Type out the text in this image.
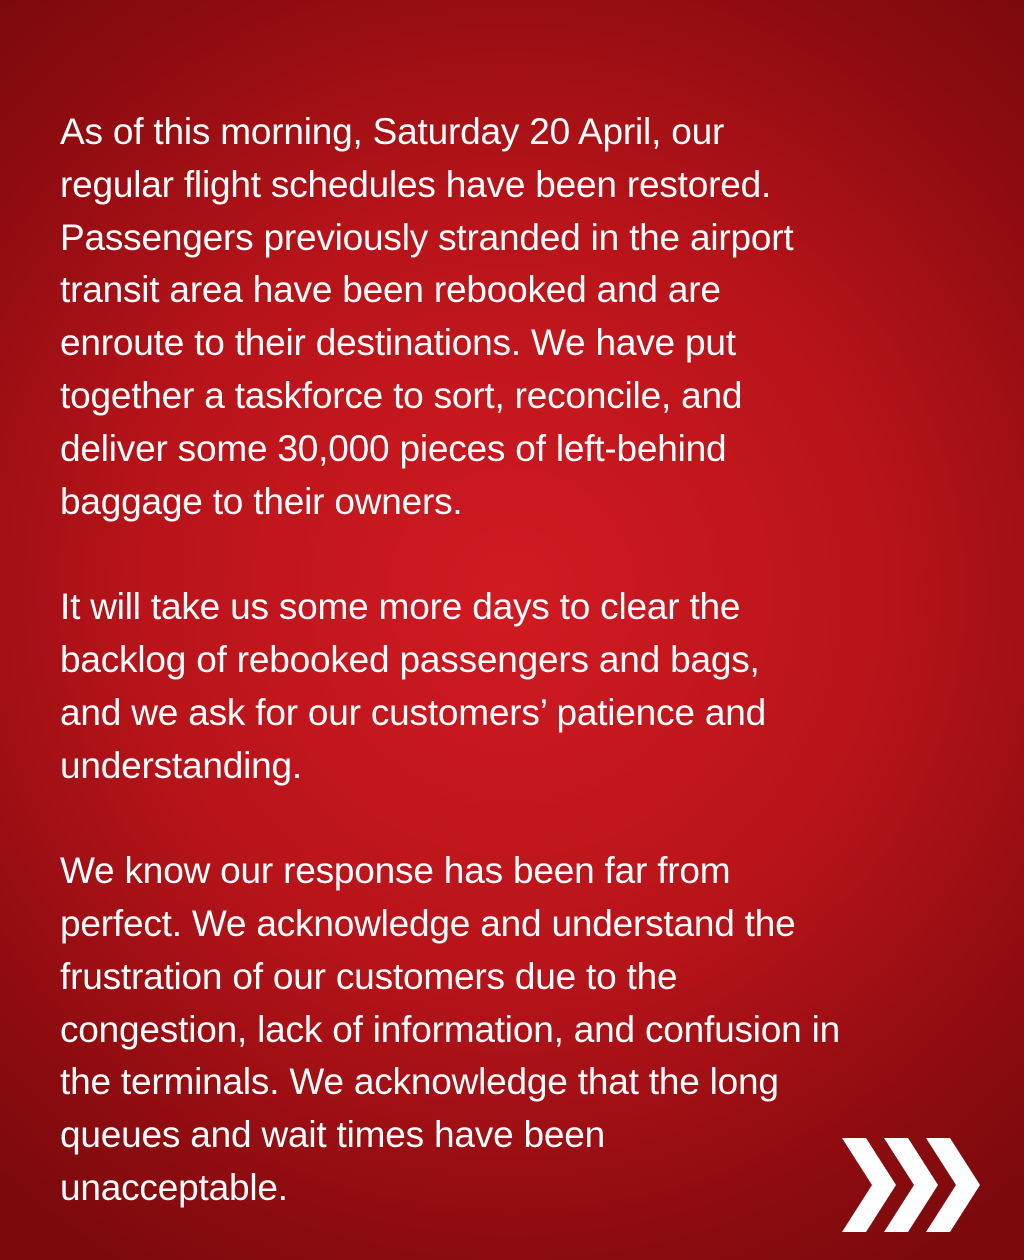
As of this morning, Saturday 20 April, our
regular flight schedules have been restored.
Passengers previously stranded in the airport
transit area have been rebooked and are
enroute to their destinations. We have put
together a taskforce to sort, reconcile, and
deliver some 30,000 pieces of left-behind
baggage to their owners.

It will take us some more days to clear the
backlog of rebooked passengers and bags,
and we ask for our customers’ patience and
understanding.

We know our response has been far from
perfect. We acknowledge and understand the
frustration of our customers due to the
congestion, lack of information, and confusion in
the terminals. We acknowledge that the long
queues and wait times have been
unacceptable.
